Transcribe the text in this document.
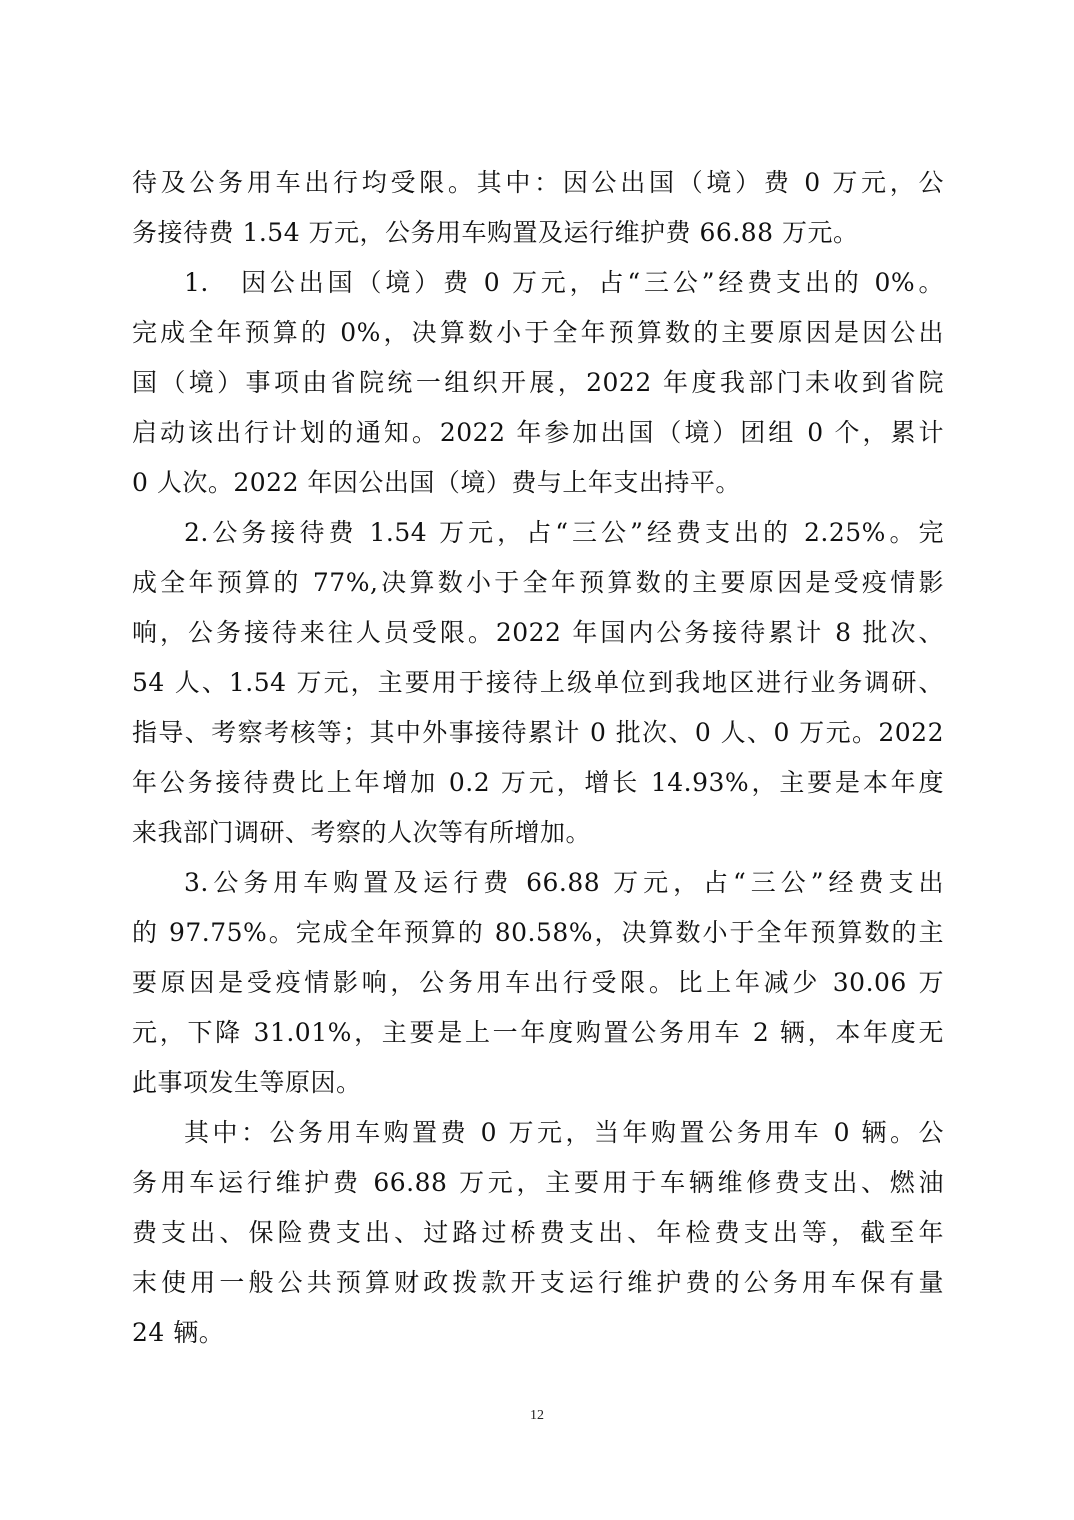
待及公务用车出行均受限。其中：因公出国（境）费 0 万元，公
务接待费 1.54 万元，公务用车购置及运行维护费 66.88 万元。
1.　因公出国（境）费 0 万元，占“三公”经费支出的 0%。
完成全年预算的 0%，决算数小于全年预算数的主要原因是因公出
国（境）事项由省院统一组织开展，2022 年度我部门未收到省院
启动该出行计划的通知。2022 年参加出国（境）团组 0 个，累计
0 人次。2022 年因公出国（境）费与上年支出持平。
2.公务接待费 1.54 万元，占“三公”经费支出的 2.25%。完
成全年预算的 77%,决算数小于全年预算数的主要原因是受疫情影
响，公务接待来往人员受限。2022 年国内公务接待累计 8 批次、
54 人、1.54 万元，主要用于接待上级单位到我地区进行业务调研、
指导、考察考核等；其中外事接待累计 0 批次、0 人、0 万元。2022
年公务接待费比上年增加 0.2 万元，增长 14.93%，主要是本年度
来我部门调研、考察的人次等有所增加。
3.公务用车购置及运行费 66.88 万元，占“三公”经费支出
的 97.75%。完成全年预算的 80.58%，决算数小于全年预算数的主
要原因是受疫情影响，公务用车出行受限。比上年减少 30.06 万
元，下降 31.01%，主要是上一年度购置公务用车 2 辆，本年度无
此事项发生等原因。
其中：公务用车购置费 0 万元，当年购置公务用车 0 辆。公
务用车运行维护费 66.88 万元，主要用于车辆维修费支出、燃油
费支出、保险费支出、过路过桥费支出、年检费支出等，截至年
末使用一般公共预算财政拨款开支运行维护费的公务用车保有量
24 辆。
12
